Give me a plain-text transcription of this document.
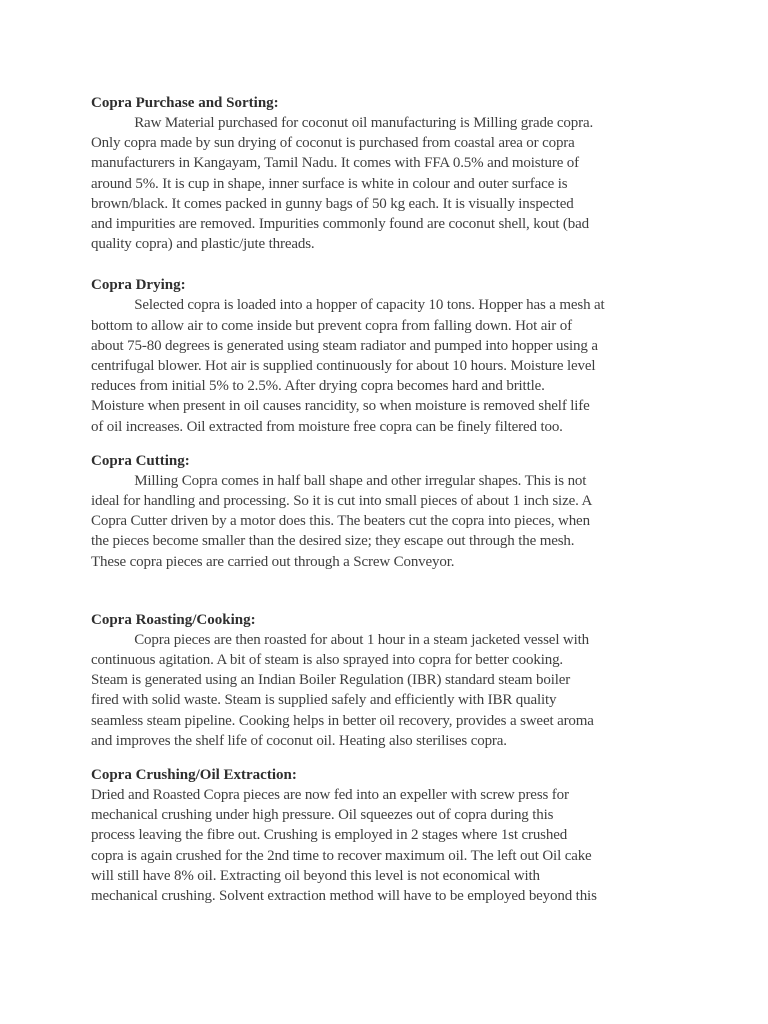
Copra Purchase and Sorting:

Raw Material purchased for coconut oil manufacturing is Milling grade copra.

Only copra made by sun drying of coconut is purchased from coastal area or copra

manufacturers in Kangayam, Tamil Nadu. It comes with FFA 0.5% and moisture of

around 5%. It is cup in shape, inner surface is white in colour and outer surface is

brown/black. It comes packed in gunny bags of 50 kg each. It is visually inspected

and impurities are removed. Impurities commonly found are coconut shell, kout (bad

quality copra) and plastic/jute threads.

Copra Drying:

Selected copra is loaded into a hopper of capacity 10 tons. Hopper has a mesh at

bottom to allow air to come inside but prevent copra from falling down. Hot air of

about 75-80 degrees is generated using steam radiator and pumped into hopper using a

centrifugal blower. Hot air is supplied continuously for about 10 hours. Moisture level

reduces from initial 5% to 2.5%. After drying copra becomes hard and brittle.

Moisture when present in oil causes rancidity, so when moisture is removed shelf life

of oil increases. Oil extracted from moisture free copra can be finely filtered too.

Copra Cutting:

Milling Copra comes in half ball shape and other irregular shapes. This is not

ideal for handling and processing. So it is cut into small pieces of about 1 inch size. A

Copra Cutter driven by a motor does this. The beaters cut the copra into pieces, when

the pieces become smaller than the desired size; they escape out through the mesh.

These copra pieces are carried out through a Screw Conveyor.

Copra Roasting/Cooking:

Copra pieces are then roasted for about 1 hour in a steam jacketed vessel with

continuous agitation. A bit of steam is also sprayed into copra for better cooking.

Steam is generated using an Indian Boiler Regulation (IBR) standard steam boiler

fired with solid waste. Steam is supplied safely and efficiently with IBR quality

seamless steam pipeline. Cooking helps in better oil recovery, provides a sweet aroma

and improves the shelf life of coconut oil. Heating also sterilises copra.

Copra Crushing/Oil Extraction:

Dried and Roasted Copra pieces are now fed into an expeller with screw press for

mechanical crushing under high pressure. Oil squeezes out of copra during this

process leaving the fibre out. Crushing is employed in 2 stages where 1st crushed

copra is again crushed for the 2nd time to recover maximum oil. The left out Oil cake

will still have 8% oil. Extracting oil beyond this level is not economical with

mechanical crushing. Solvent extraction method will have to be employed beyond this
